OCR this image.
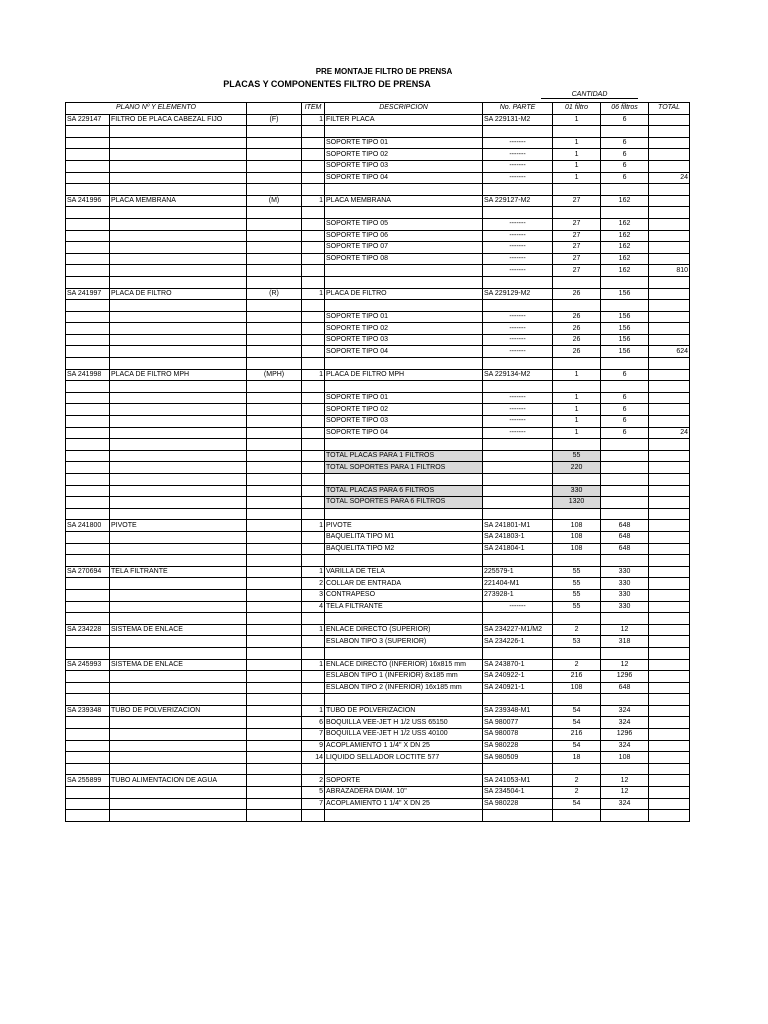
PRE MONTAJE FILTRO DE PRENSA
PLACAS Y COMPONENTES FILTRO DE PRENSA
CANTIDAD
PLANO Nº Y ELEMENTO			ITEM	DESCRIPCION	No. PARTE	01 filtro	06 filtros	TOTAL	
SA 229147	FILTRO DE PLACA CABEZAL FIJO	(F)	1	FILTER PLACA	SA 229131-M2	1	6		

				SOPORTE TIPO 01	-------	1	6		
				SOPORTE TIPO 02	-------	1	6		
				SOPORTE TIPO 03	-------	1	6		
				SOPORTE TIPO 04	-------	1	6	24	

SA 241996	PLACA MEMBRANA	(M)	1	PLACA MEMBRANA	SA 229127-M2	27	162		

				SOPORTE TIPO 05	-------	27	162		
				SOPORTE TIPO 06	-------	27	162		
				SOPORTE TIPO 07	-------	27	162		
				SOPORTE TIPO 08	-------	27	162		
					-------	27	162	810	

SA 241997	PLACA DE FILTRO	(R)	1	PLACA DE FILTRO	SA 229129-M2	26	156		

				SOPORTE TIPO 01	-------	26	156		
				SOPORTE TIPO 02	-------	26	156		
				SOPORTE TIPO 03	-------	26	156		
				SOPORTE TIPO 04	-------	26	156	624	

SA 241998	PLACA DE FILTRO MPH	(MPH)	1	PLACA DE FILTRO MPH	SA 229134-M2	1	6		

				SOPORTE TIPO 01	-------	1	6		
				SOPORTE TIPO 02	-------	1	6		
				SOPORTE TIPO 03	-------	1	6		
				SOPORTE TIPO 04	-------	1	6	24	

				TOTAL PLACAS PARA 1 FILTROS		55			
				TOTAL SOPORTES PARA 1 FILTROS		220			

				TOTAL PLACAS PARA 6 FILTROS		330			
				TOTAL SOPORTES PARA 6 FILTROS		1320			

SA 241800	PIVOTE		1	PIVOTE	SA 241801-M1	108	648		
				BAQUELITA TIPO M1	SA 241803-1	108	648		
				BAQUELITA TIPO M2	SA 241804-1	108	648		

SA 270694	TELA FILTRANTE		1	VARILLA DE TELA	225579-1	55	330		
			2	COLLAR DE ENTRADA	221404-M1	55	330		
			3	CONTRAPESO	273928-1	55	330		
			4	TELA FILTRANTE	-------	55	330		

SA 234228	SISTEMA DE ENLACE		1	ENLACE DIRECTO (SUPERIOR)	SA 234227-M1/M2	2	12		
				ESLABON TIPO 3 (SUPERIOR)	SA 234226-1	53	318		

SA 245993	SISTEMA DE ENLACE		1	ENLACE DIRECTO (INFERIOR) 16x815 mm	SA 243870-1	2	12		
				ESLABON TIPO 1 (INFERIOR) 8x185 mm	SA 240922-1	216	1296		
				ESLABON TIPO 2 (INFERIOR) 16x185 mm	SA 240921-1	108	648		

SA 239348	TUBO DE POLVERIZACION		1	TUBO DE POLVERIZACION	SA 239348-M1	54	324		
			6	BOQUILLA VEE-JET H 1/2 USS 65150	SA 980077	54	324		
			7	BOQUILLA VEE-JET H 1/2 USS 40100	SA 980078	216	1296		
			9	ACOPLAMIENTO 1 1/4" X DN 25	SA 980228	54	324		
			14	LIQUIDO SELLADOR LOCTITE 577	SA 980509	18	108		

SA 255899	TUBO ALIMENTACION DE AGUA		2	SOPORTE	SA 241053-M1	2	12		
			5	ABRAZADERA DIAM. 10"	SA 234504-1	2	12		
			7	ACOPLAMIENTO 1 1/4" X DN 25	SA 980228	54	324		
